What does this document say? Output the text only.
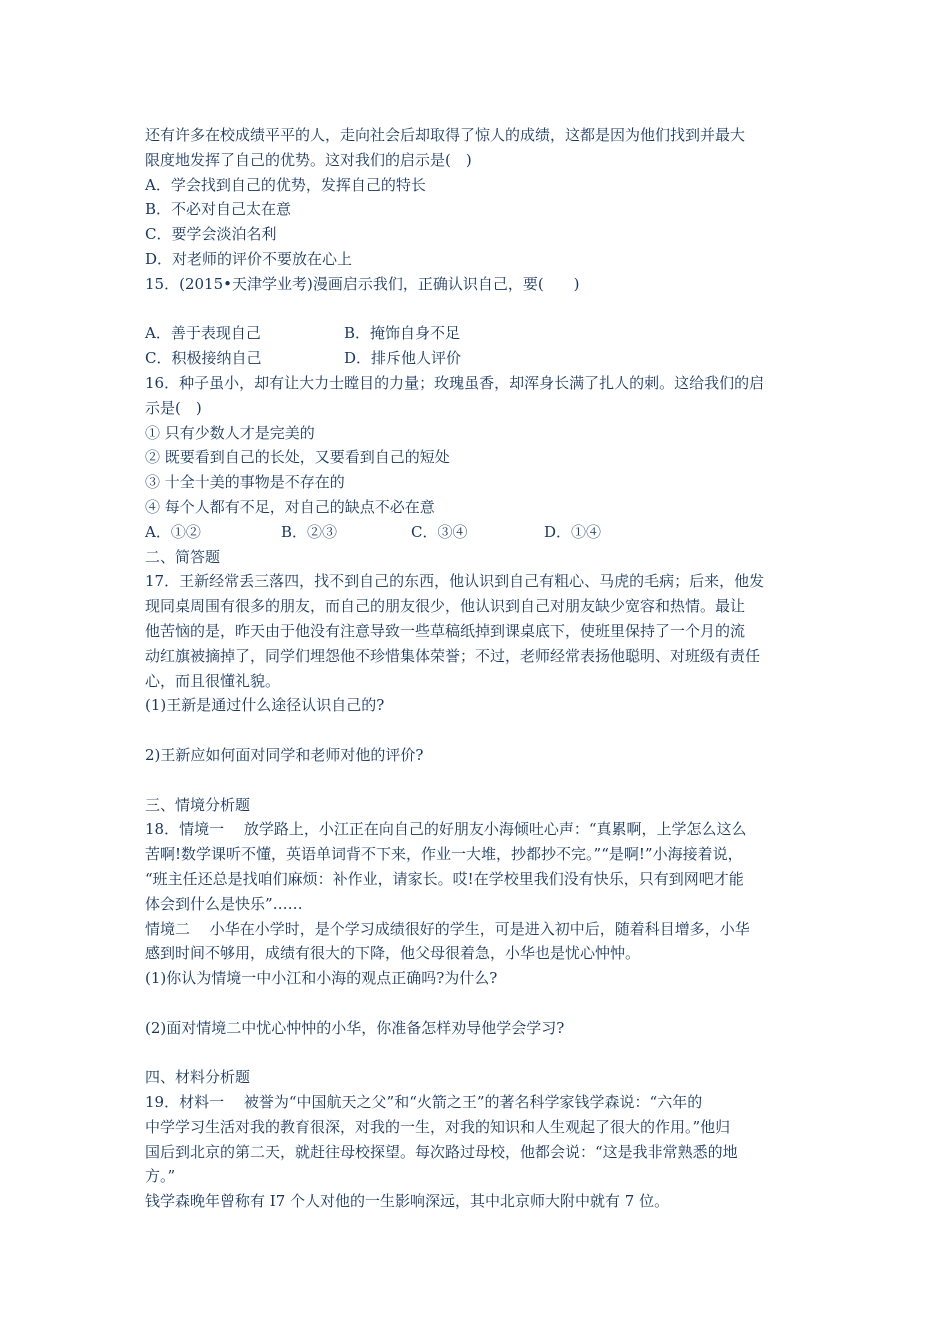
还有许多在校成绩平平的人，走向社会后却取得了惊人的成绩，这都是因为他们找到并最大
限度地发挥了自己的优势。这对我们的启示是(　)
A．学会找到自己的优势，发挥自己的特长
B．不必对自己太在意
C．要学会淡泊名利
D．对老师的评价不要放在心上
15．(2015•天津学业考)漫画启示我们，正确认识自己，要(　　)
A．善于表现自己	B．掩饰自身不足
C．积极接纳自己	D．排斥他人评价
16．种子虽小，却有让大力士瞠目的力量；玫瑰虽香，却浑身长满了扎人的刺。这给我们的启
示是(　)
① 只有少数人才是完美的
② 既要看到自己的长处，又要看到自己的短处
③ 十全十美的事物是不存在的
④ 每个人都有不足，对自己的缺点不必在意
A．①②	B．②③	C．③④	D．①④
二、简答题
17．王新经常丢三落四，找不到自己的东西，他认识到自己有粗心、马虎的毛病；后来，他发
现同桌周围有很多的朋友，而自己的朋友很少，他认识到自己对朋友缺少宽容和热情。最让
他苦恼的是，昨天由于他没有注意导致一些草稿纸掉到课桌底下，使班里保持了一个月的流
动红旗被摘掉了，同学们埋怨他不珍惜集体荣誉；不过，老师经常表扬他聪明、对班级有责任
心，而且很懂礼貌。
(1)王新是通过什么途径认识自己的?
2)王新应如何面对同学和老师对他的评价?
三、情境分析题
18．情境一　 放学路上，小江正在向自己的好朋友小海倾吐心声：“真累啊，上学怎么这么
苦啊!数学课听不懂，英语单词背不下来，作业一大堆，抄都抄不完。”“是啊!”小海接着说，
“班主任还总是找咱们麻烦：补作业，请家长。哎!在学校里我们没有快乐，只有到网吧才能
体会到什么是快乐”……
情境二　 小华在小学时，是个学习成绩很好的学生，可是进入初中后，随着科目增多，小华
感到时间不够用，成绩有很大的下降，他父母很着急，小华也是忧心忡忡。
(1)你认为情境一中小江和小海的观点正确吗?为什么?
(2)面对情境二中忧心忡忡的小华，你准备怎样劝导他学会学习?
四、材料分析题
19．材料一　 被誉为“中国航天之父”和“火箭之王”的著名科学家钱学森说：“六年的
中学学习生活对我的教育很深，对我的一生，对我的知识和人生观起了很大的作用。”他归
国后到北京的第二天，就赶往母校探望。每次路过母校，他都会说：“这是我非常熟悉的地
方。”
钱学森晚年曾称有 I7 个人对他的一生影响深远，其中北京师大附中就有 7 位。
